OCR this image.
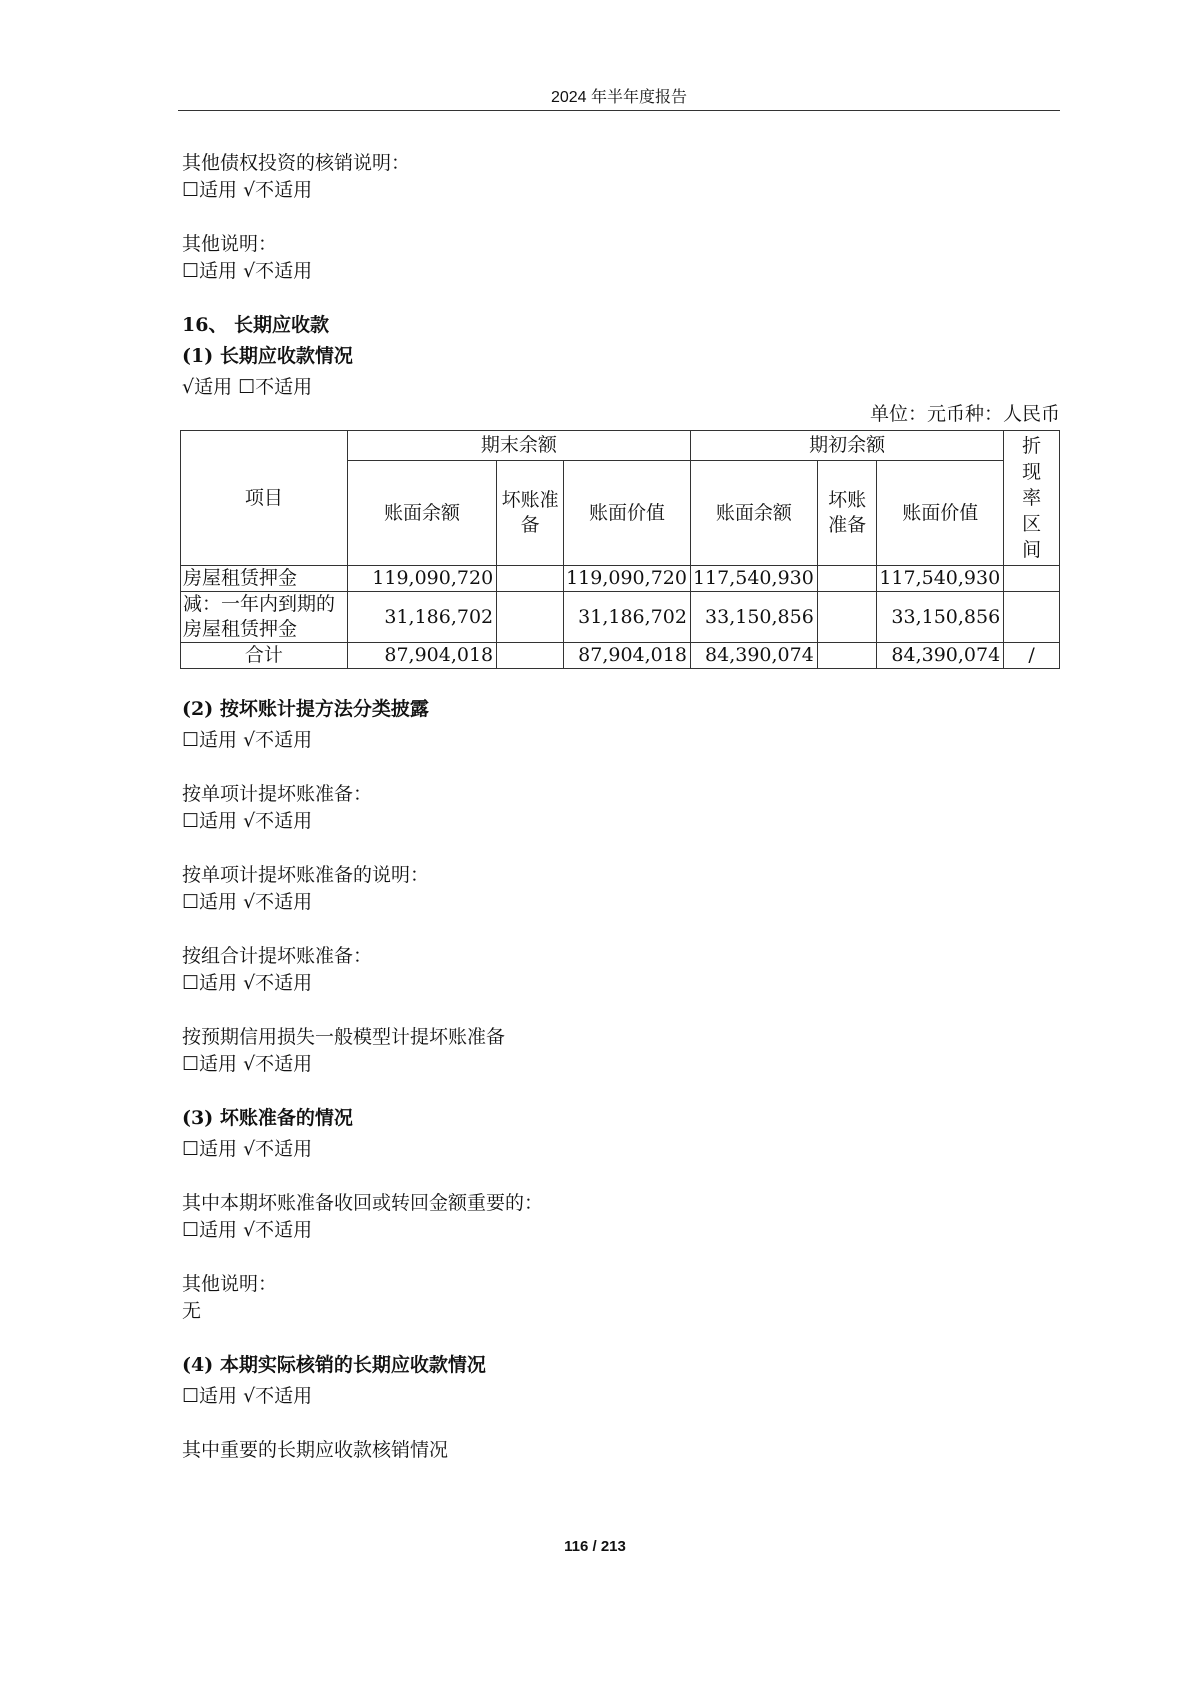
2024 年半年度报告
其他债权投资的核销说明：
☐适用 √不适用
其他说明：
☐适用 √不适用
16、 长期应收款
(1) 长期应收款情况
√适用 ☐不适用
单位：元币种：人民币
项目	期末余额			期初余额			折现率区间
	账面余额	坏账准备	账面价值	账面余额	坏账准备	账面价值	
房屋租赁押金	119,090,720		119,090,720	117,540,930		117,540,930	
减：一年内到期的房屋租赁押金	31,186,702		31,186,702	33,150,856		33,150,856	
合计	87,904,018		87,904,018	84,390,074		84,390,074	/
(2) 按坏账计提方法分类披露
☐适用 √不适用
按单项计提坏账准备：
☐适用 √不适用
按单项计提坏账准备的说明：
☐适用 √不适用
按组合计提坏账准备：
☐适用 √不适用
按预期信用损失一般模型计提坏账准备
☐适用 √不适用
(3) 坏账准备的情况
☐适用 √不适用
其中本期坏账准备收回或转回金额重要的：
☐适用 √不适用
其他说明：
无
(4) 本期实际核销的长期应收款情况
☐适用 √不适用
其中重要的长期应收款核销情况
116 / 213
